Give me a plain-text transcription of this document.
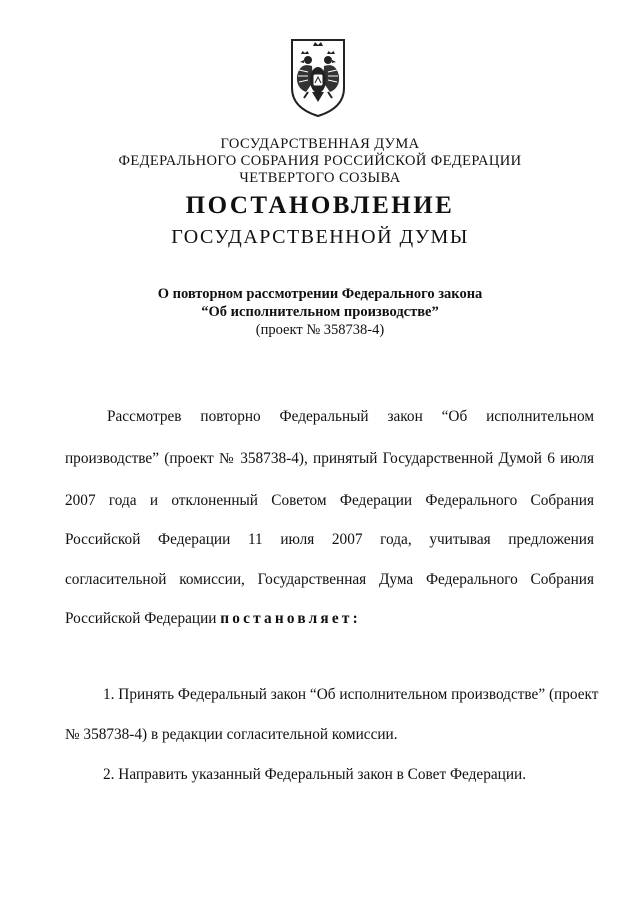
ГОСУДАРСТВЕННАЯ ДУМА
ФЕДЕРАЛЬНОГО СОБРАНИЯ РОССИЙСКОЙ ФЕДЕРАЦИИ
ЧЕТВЕРТОГО СОЗЫВА
ПОСТАНОВЛЕНИЕ
ГОСУДАРСТВЕННОЙ ДУМЫ
О повторном рассмотрении Федерального закона
“Об исполнительном производстве”
(проект № 358738-4)
Рассмотрев повторно Федеральный закон “Об исполнительном
производстве” (проект № 358738-4), принятый Государственной Думой 6 июля
2007 года и отклоненный Советом Федерации Федерального Собрания
Российской Федерации 11 июля 2007 года, учитывая предложения
согласительной комиссии, Государственная Дума Федерального Собрания
Российской Федерации постановляет:
1. Принять Федеральный закон “Об исполнительном производстве” (проект
№ 358738-4) в редакции согласительной комиссии.
2. Направить указанный Федеральный закон в Совет Федерации.
